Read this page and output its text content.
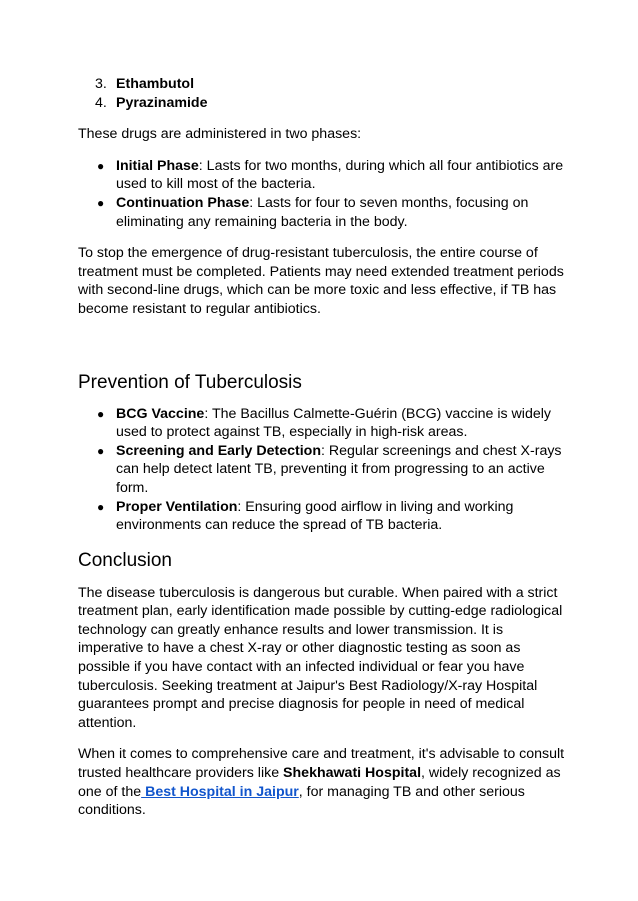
3. Ethambutol
4. Pyrazinamide

These drugs are administered in two phases:

● Initial Phase: Lasts for two months, during which all four antibiotics are used to kill most of the bacteria.
● Continuation Phase: Lasts for four to seven months, focusing on eliminating any remaining bacteria in the body.

To stop the emergence of drug-resistant tuberculosis, the entire course of treatment must be completed. Patients may need extended treatment periods with second-line drugs, which can be more toxic and less effective, if TB has become resistant to regular antibiotics.

Prevention of Tuberculosis
● BCG Vaccine: The Bacillus Calmette-Guérin (BCG) vaccine is widely used to protect against TB, especially in high-risk areas.
● Screening and Early Detection: Regular screenings and chest X-rays can help detect latent TB, preventing it from progressing to an active form.
● Proper Ventilation: Ensuring good airflow in living and working environments can reduce the spread of TB bacteria.
Conclusion

The disease tuberculosis is dangerous but curable. When paired with a strict treatment plan, early identification made possible by cutting-edge radiological technology can greatly enhance results and lower transmission. It is imperative to have a chest X-ray or other diagnostic testing as soon as possible if you have contact with an infected individual or fear you have tuberculosis. Seeking treatment at Jaipur's Best Radiology/X-ray Hospital guarantees prompt and precise diagnosis for people in need of medical attention.

When it comes to comprehensive care and treatment, it's advisable to consult trusted healthcare providers like Shekhawati Hospital, widely recognized as one of the Best Hospital in Jaipur, for managing TB and other serious conditions.
